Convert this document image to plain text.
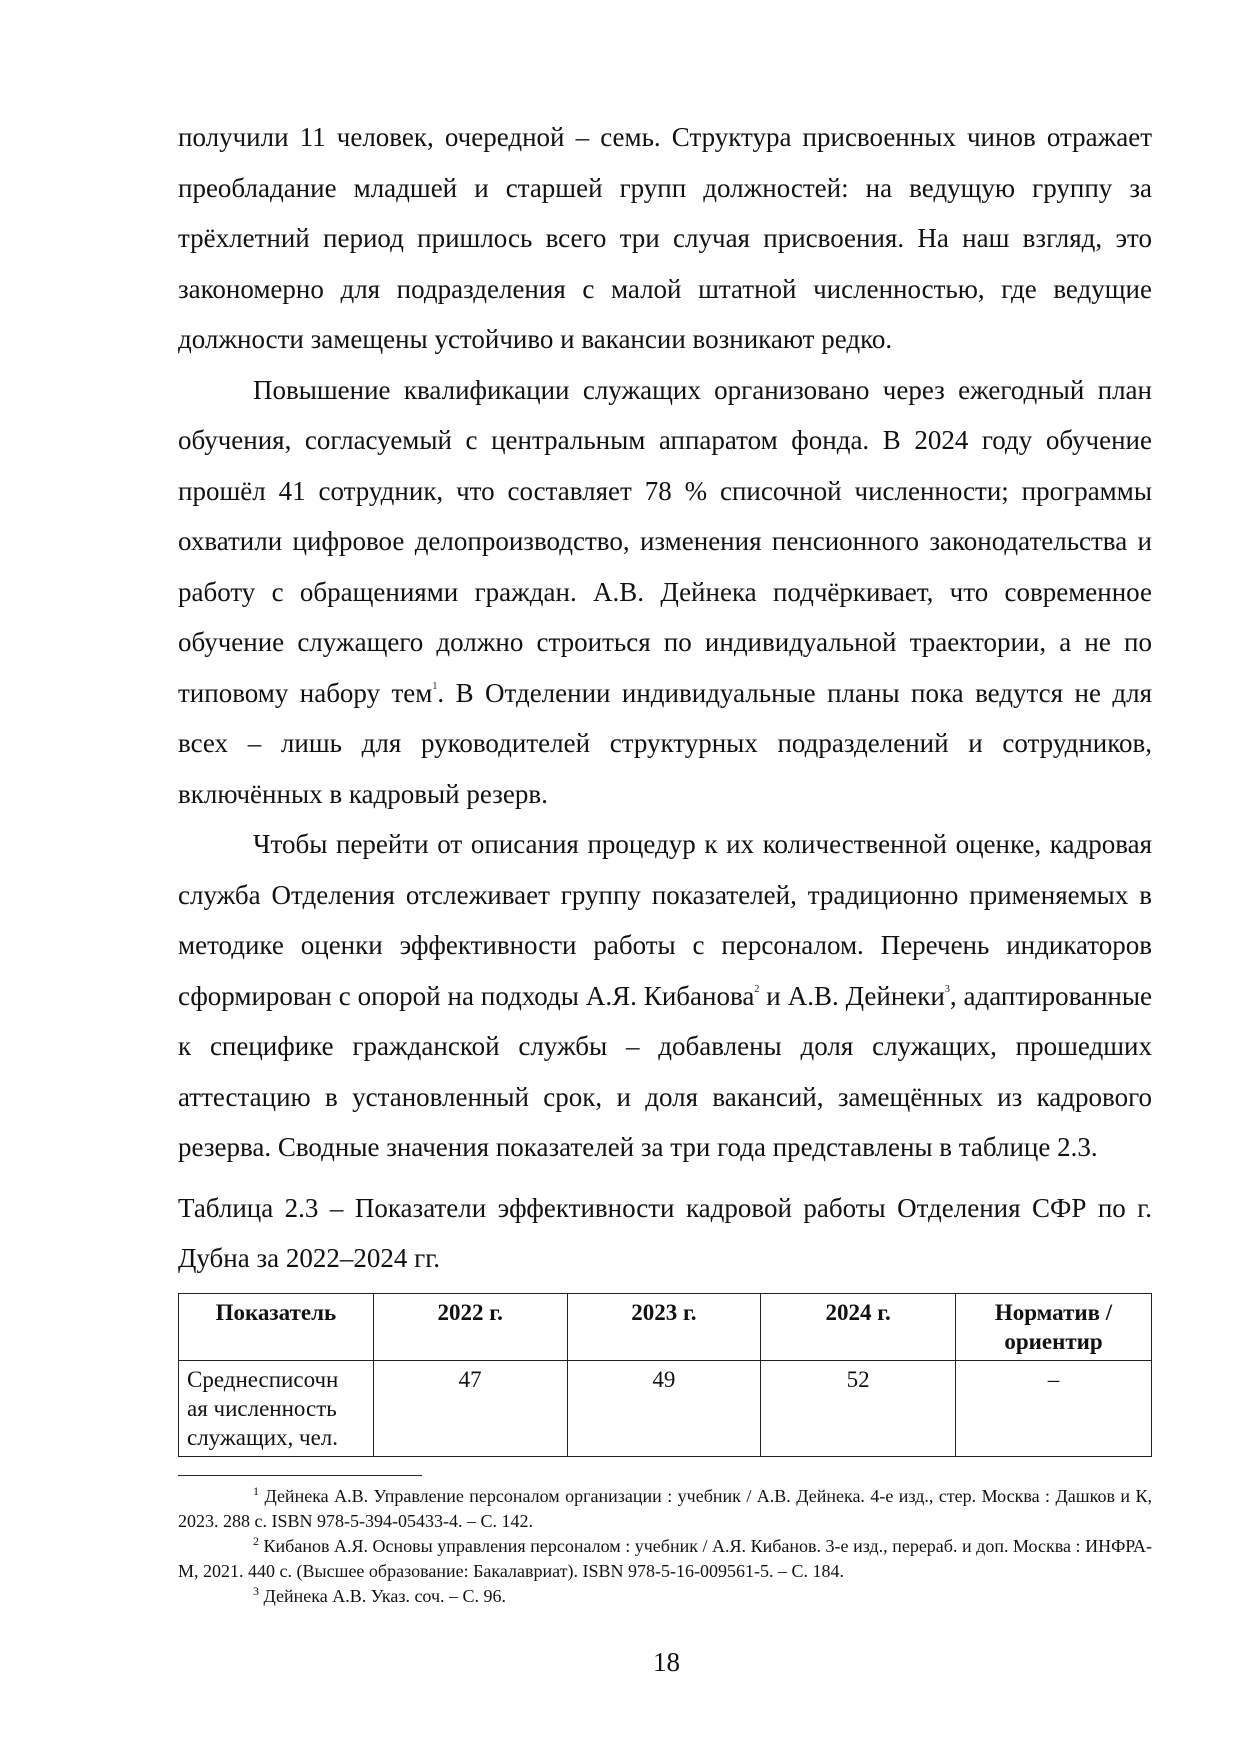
получили 11 человек, очередной – семь. Структура присвоенных чинов отражает преобладание младшей и старшей групп должностей: на ведущую группу за трёхлетний период пришлось всего три случая присвоения. На наш взгляд, это закономерно для подразделения с малой штатной численностью, где ведущие должности замещены устойчиво и вакансии возникают редко.

Повышение квалификации служащих организовано через ежегодный план обучения, согласуемый с центральным аппаратом фонда. В 2024 году обучение прошёл 41 сотрудник, что составляет 78 % списочной численности; программы охватили цифровое делопроизводство, изменения пенсионного законодательства и работу с обращениями граждан. А.В. Дейнека подчёркивает, что современное обучение служащего должно строиться по индивидуальной траектории, а не по типовому набору тем$^1$. В Отделении индивидуальные планы пока ведутся не для всех – лишь для руководителей структурных подразделений и сотрудников, включённых в кадровый резерв.

Чтобы перейти от описания процедур к их количественной оценке, кадровая служба Отделения отслеживает группу показателей, традиционно применяемых в методике оценки эффективности работы с персоналом. Перечень индикаторов сформирован с опорой на подходы А.Я. Кибанова$^2$ и А.В. Дейнеки$^3$, адаптированные к специфике гражданской службы – добавлены доля служащих, прошедших аттестацию в установленный срок, и доля вакансий, замещённых из кадрового резерва. Сводные значения показателей за три года представлены в таблице 2.3.

Таблица 2.3 – Показатели эффективности кадровой работы Отделения СФР по г. Дубна за 2022–2024 гг.

Показатель	2022 г.	2023 г.	2024 г.	Норматив / ориентир
Среднесписочн ая численность служащих, чел.	47	49	52	–

$^1$ Дейнека А.В. Управление персоналом организации : учебник / А.В. Дейнека. 4-е изд., стер. Москва : Дашков и К, 2023. 288 с. ISBN 978-5-394-05433-4. – С. 142.

$^2$ Кибанов А.Я. Основы управления персоналом : учебник / А.Я. Кибанов. 3-е изд., перераб. и доп. Москва : ИНФРА-М, 2021. 440 с. (Высшее образование: Бакалавриат). ISBN 978-5-16-009561-5. – С. 184.

$^3$ Дейнека А.В. Указ. соч. – С. 96.

18
